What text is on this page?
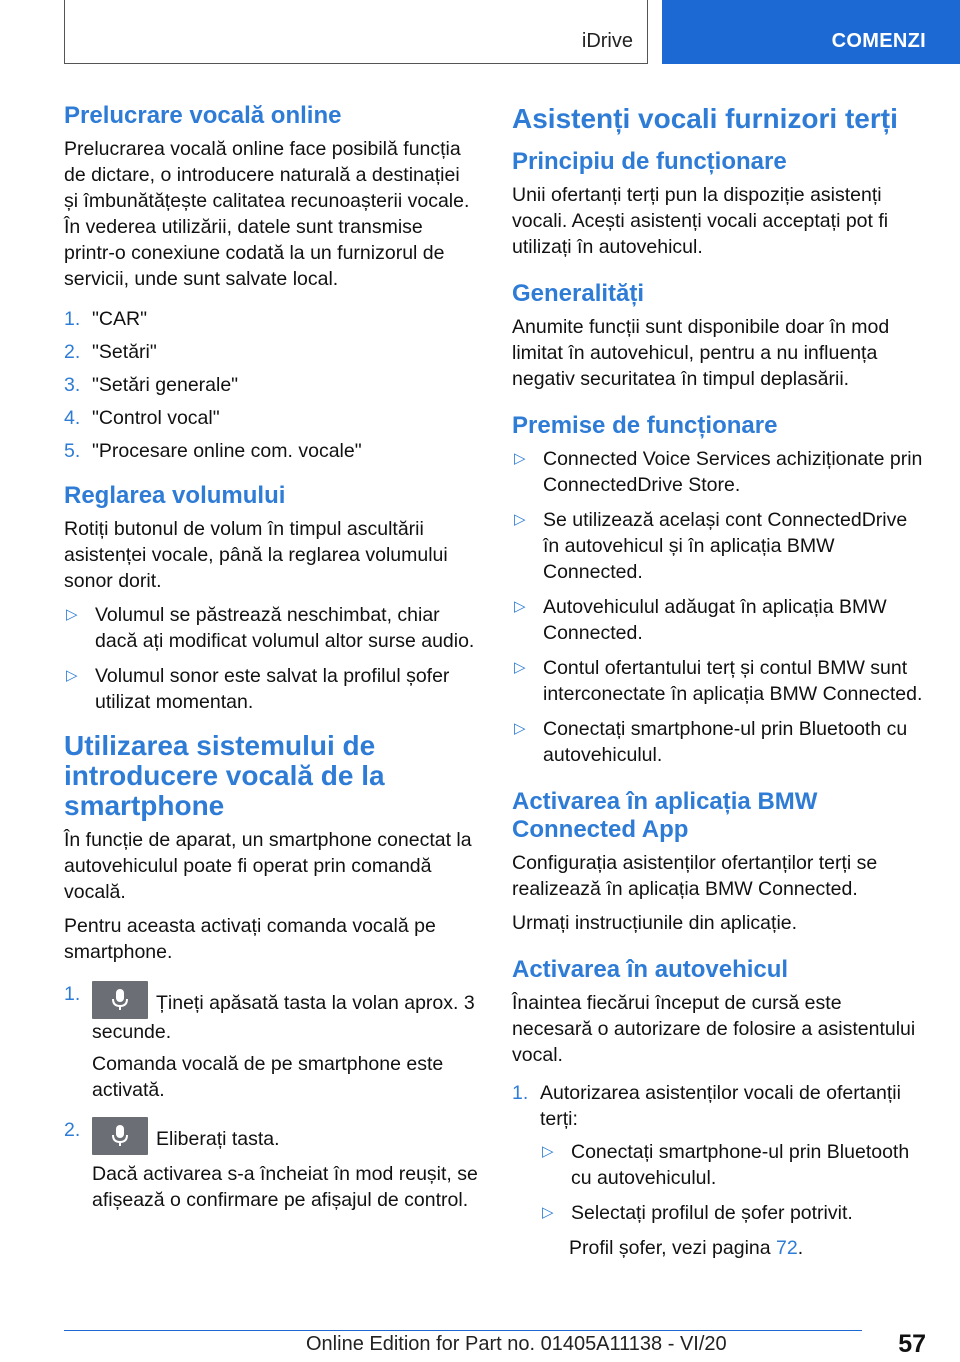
iDrive	COMENZI
Prelucrare vocală online

Prelucrarea vocală online face posibilă funcția de dictare, o introducere naturală a destinației și îmbunătățește calitatea recunoașterii vocale. În vederea utilizării, datele sunt transmise printr-o conexiune codată la un furnizorul de servicii, unde sunt salvate local.

1. "CAR"
2. "Setări"
3. "Setări generale"
4. "Control vocal"
5. "Procesare online com. vocale"
Reglarea volumului

Rotiți butonul de volum în timpul ascultării asistenței vocale, până la reglarea volumului sonor dorit.

▷ Volumul se păstrează neschimbat, chiar dacă ați modificat volumul altor surse audio.
▷ Volumul sonor este salvat la profilul șofer utilizat momentan.
Utilizarea sistemului de introducere vocală de la smartphone

În funcție de aparat, un smartphone conectat la autovehiculul poate fi operat prin comandă vocală.

Pentru aceasta activați comanda vocală pe smartphone.

1.	Țineți apăsată tasta la volan aprox. 3 secunde.
Comanda vocală de pe smartphone este activată.
2.	Eliberați tasta.
Dacă activarea s-a încheiat în mod reușit, se afișează o confirmare pe afișajul de control.
Asistenți vocali furnizori terți
Principiu de funcționare

Unii ofertanți terți pun la dispoziție asistenți vocali. Acești asistenți vocali acceptați pot fi utilizați în autovehicul.

Generalități

Anumite funcții sunt disponibile doar în mod limitat în autovehicul, pentru a nu influența negativ securitatea în timpul deplasării.

Premise de funcționare
▷ Connected Voice Services achiziționate prin ConnectedDrive Store.
▷ Se utilizează același cont ConnectedDrive în autovehicul și în aplicația BMW Connected.
▷ Autovehiculul adăugat în aplicația BMW Connected.
▷ Contul ofertantului terț și contul BMW sunt interconectate în aplicația BMW Connected.
▷ Conectați smartphone-ul prin Bluetooth cu autovehiculul.
Activarea în aplicația BMW Connected App

Configurația asistenților ofertanților terți se realizează în aplicația BMW Connected.

Urmați instrucțiunile din aplicație.

Activarea în autovehicul

Înaintea fiecărui început de cursă este necesară o autorizare de folosire a asistentului vocal.

1. Autorizarea asistenților vocali de ofertanții terți:
▷ Conectați smartphone-ul prin Bluetooth cu autovehiculul.
▷ Selectați profilul de șofer potrivit.
Profil șofer, vezi pagina 72.
57
Online Edition for Part no. 01405A11138 - VI/20
